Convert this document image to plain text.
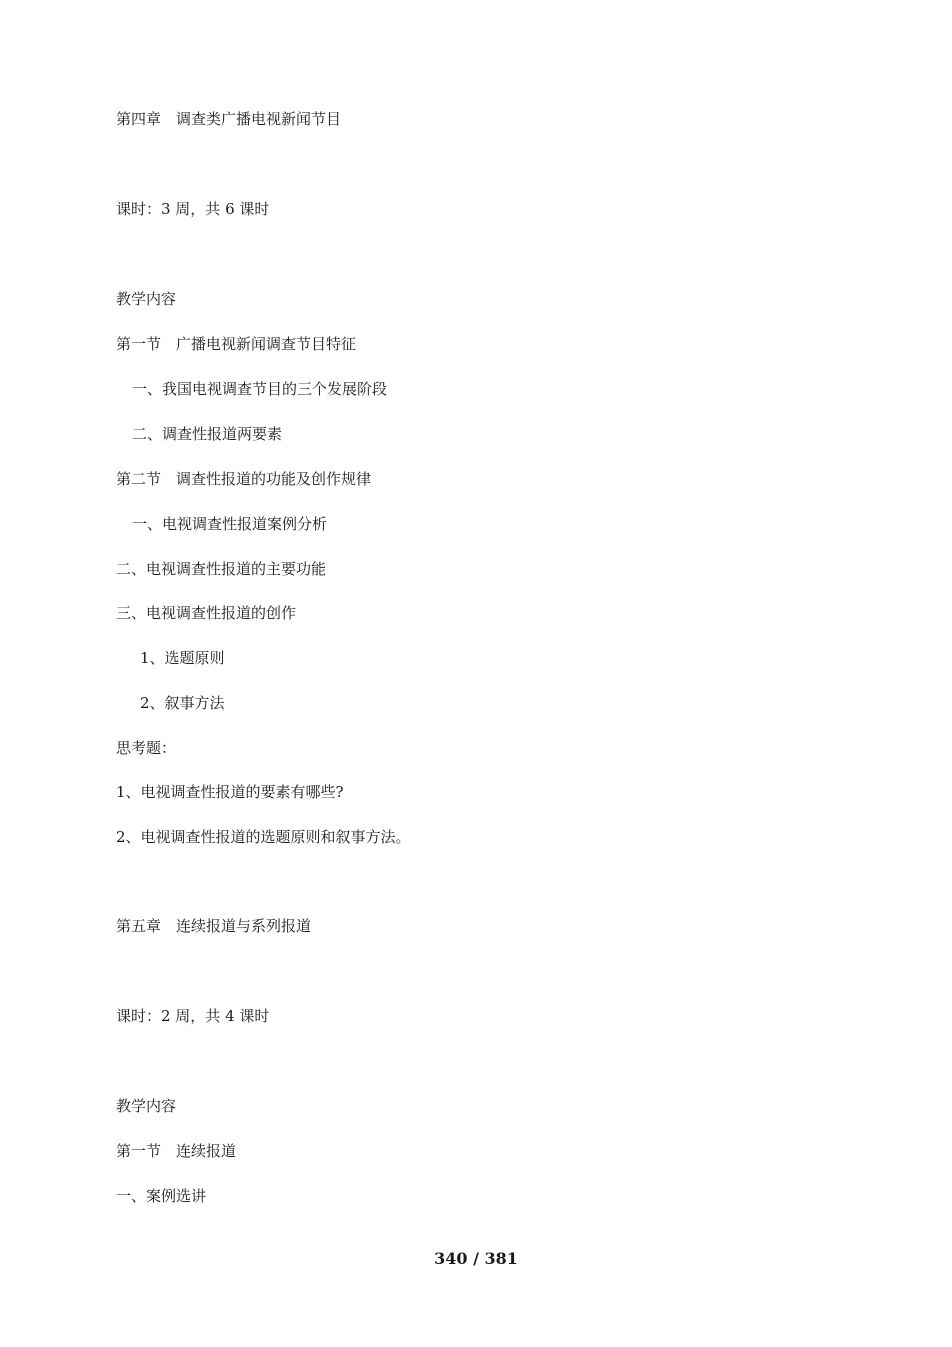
第四章　调查类广播电视新闻节目
课时：3 周，共 6 课时
教学内容
第一节　广播电视新闻调查节目特征
一、我国电视调查节目的三个发展阶段
二、调查性报道两要素
第二节　调查性报道的功能及创作规律
一、电视调查性报道案例分析
二、电视调查性报道的主要功能
三、电视调查性报道的创作
1、选题原则
2、叙事方法
思考题：
1、电视调查性报道的要素有哪些?
2、电视调查性报道的选题原则和叙事方法。
第五章　连续报道与系列报道
课时：2 周，共 4 课时
教学内容
第一节　连续报道
一、案例选讲
340 / 381
